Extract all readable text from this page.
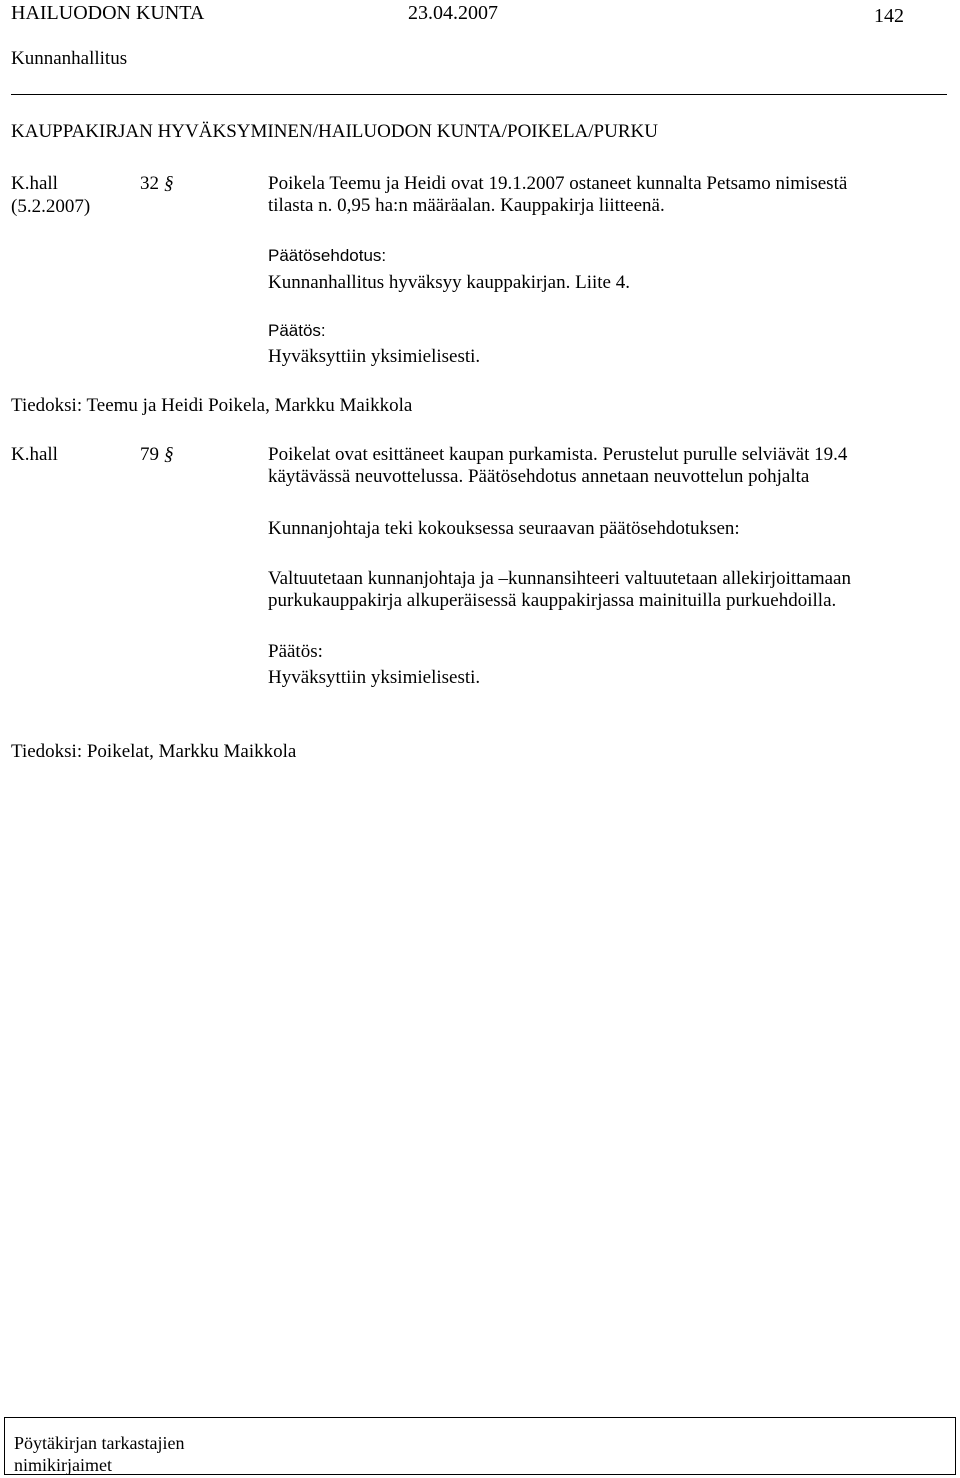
HAILUODON KUNTA	23.04.2007	142
Kunnanhallitus
KAUPPAKIRJAN HYVÄKSYMINEN/HAILUODON KUNTA/POIKELA/PURKU
K.hall
(5.2.2007)
32 §	Poikela Teemu ja Heidi ovat 19.1.2007 ostaneet kunnalta Petsamo nimisestä
tilasta n. 0,95 ha:n määräalan. Kauppakirja liitteenä.
Päätösehdotus:
Kunnanhallitus hyväksyy kauppakirjan. Liite 4.
Päätös:
Hyväksyttiin yksimielisesti.
Tiedoksi: Teemu ja Heidi Poikela, Markku Maikkola
K.hall	79 §	Poikelat ovat esittäneet kaupan purkamista. Perustelut purulle selviävät 19.4
käytävässä neuvottelussa. Päätösehdotus annetaan neuvottelun pohjalta
Kunnanjohtaja teki kokouksessa seuraavan päätösehdotuksen:
Valtuutetaan kunnanjohtaja ja –kunnansihteeri valtuutetaan allekirjoittamaan
purkukauppakirja alkuperäisessä kauppakirjassa mainituilla purkuehdoilla.
Päätös:
Hyväksyttiin yksimielisesti.
Tiedoksi: Poikelat, Markku Maikkola
Pöytäkirjan tarkastajien
nimikirjaimet
